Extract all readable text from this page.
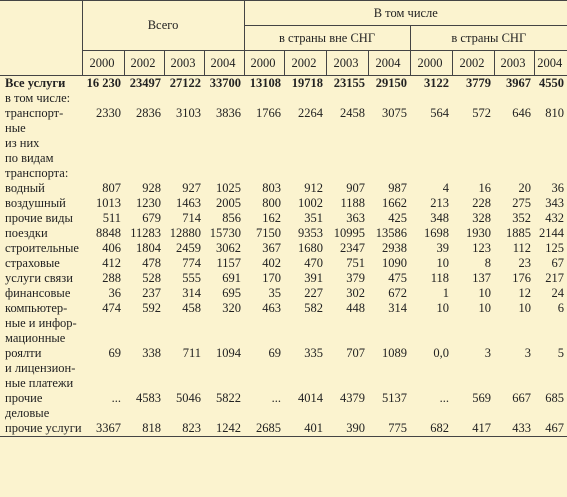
	Всего				В том числе							
					в страны вне СНГ				в страны СНГ			
	2000	2002	2003	2004	2000	2002	2003	2004	2000	2002	2003	2004
Все услуги	16 230	23497	27122	33700	13108	19718	23155	29150	3122	3779	3967	4550
в том числе:												
транспорт-	2330	2836	3103	3836	1766	2264	2458	3075	564	572	646	810
ные												
из них												
по видам												
транспорта:												
водный	807	928	927	1025	803	912	907	987	4	16	20	36
воздушный	1013	1230	1463	2005	800	1002	1188	1662	213	228	275	343
прочие виды	511	679	714	856	162	351	363	425	348	328	352	432
поездки	8848	11283	12880	15730	7150	9353	10995	13586	1698	1930	1885	2144
строительные	406	1804	2459	3062	367	1680	2347	2938	39	123	112	125
страховые	412	478	774	1157	402	470	751	1090	10	8	23	67
услуги связи	288	528	555	691	170	391	379	475	118	137	176	217
финансовые	36	237	314	695	35	227	302	672	1	10	12	24
компьютер-	474	592	458	320	463	582	448	314	10	10	10	6
ные и инфор-												
мационные												
роялти	69	338	711	1094	69	335	707	1089	0,0	3	3	5
и лицензион-												
ные платежи												
прочие	...	4583	5046	5822	...	4014	4379	5137	...	569	667	685
деловые												
прочие услуги	3367	818	823	1242	2685	401	390	775	682	417	433	467
